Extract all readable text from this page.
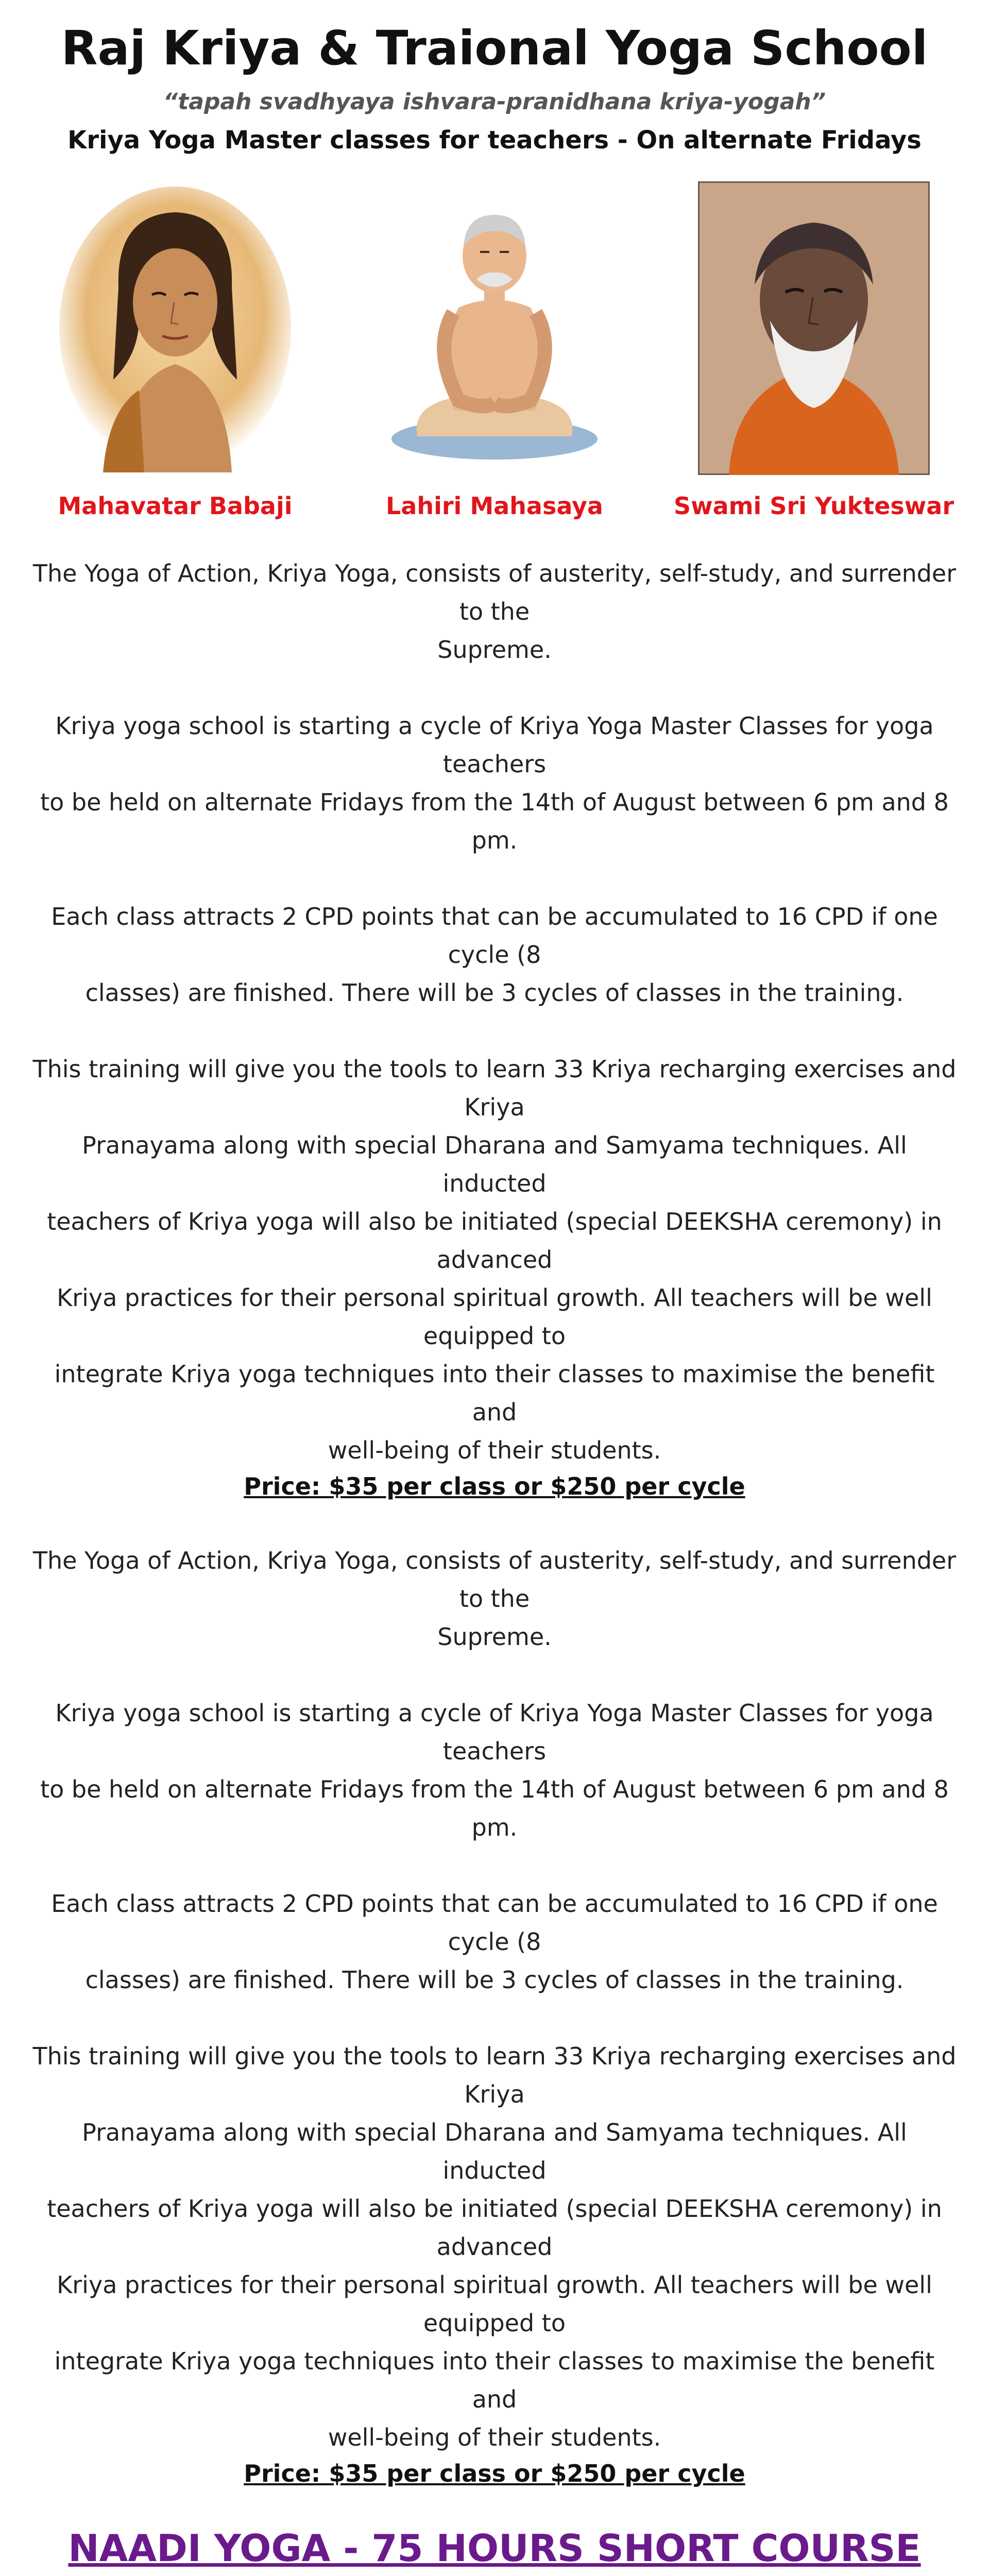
Raj Kriya & Traional Yoga School
“tapah svadhyaya ishvara-pranidhana kriya-yogah”
Kriya Yoga Master classes for teachers - On alternate Fridays
Mahavatar Babaji	Lahiri Mahasaya	Swami Sri Yukteswar
The Yoga of Action, Kriya Yoga, consists of austerity, self-study, and surrender to the
Supreme.
Kriya yoga school is starting a cycle of Kriya Yoga Master Classes for yoga teachers
to be held on alternate Fridays from the 14th of August between 6 pm and 8 pm.
Each class attracts 2 CPD points that can be accumulated to 16 CPD if one cycle (8
classes) are finished. There will be 3 cycles of classes in the training.
This training will give you the tools to learn 33 Kriya recharging exercises and Kriya
Pranayama along with special Dharana and Samyama techniques. All inducted
teachers of Kriya yoga will also be initiated (special DEEKSHA ceremony) in advanced
Kriya practices for their personal spiritual growth. All teachers will be well equipped to
integrate Kriya yoga techniques into their classes to maximise the benefit and
well-being of their students.
Price: $35 per class or $250 per cycle
The Yoga of Action, Kriya Yoga, consists of austerity, self-study, and surrender to the
Supreme.
Kriya yoga school is starting a cycle of Kriya Yoga Master Classes for yoga teachers
to be held on alternate Fridays from the 14th of August between 6 pm and 8 pm.
Each class attracts 2 CPD points that can be accumulated to 16 CPD if one cycle (8
classes) are finished. There will be 3 cycles of classes in the training.
This training will give you the tools to learn 33 Kriya recharging exercises and Kriya
Pranayama along with special Dharana and Samyama techniques. All inducted
teachers of Kriya yoga will also be initiated (special DEEKSHA ceremony) in advanced
Kriya practices for their personal spiritual growth. All teachers will be well equipped to
integrate Kriya yoga techniques into their classes to maximise the benefit and
well-being of their students.
Price: $35 per class or $250 per cycle
NAADI YOGA - 75 HOURS SHORT COURSE
